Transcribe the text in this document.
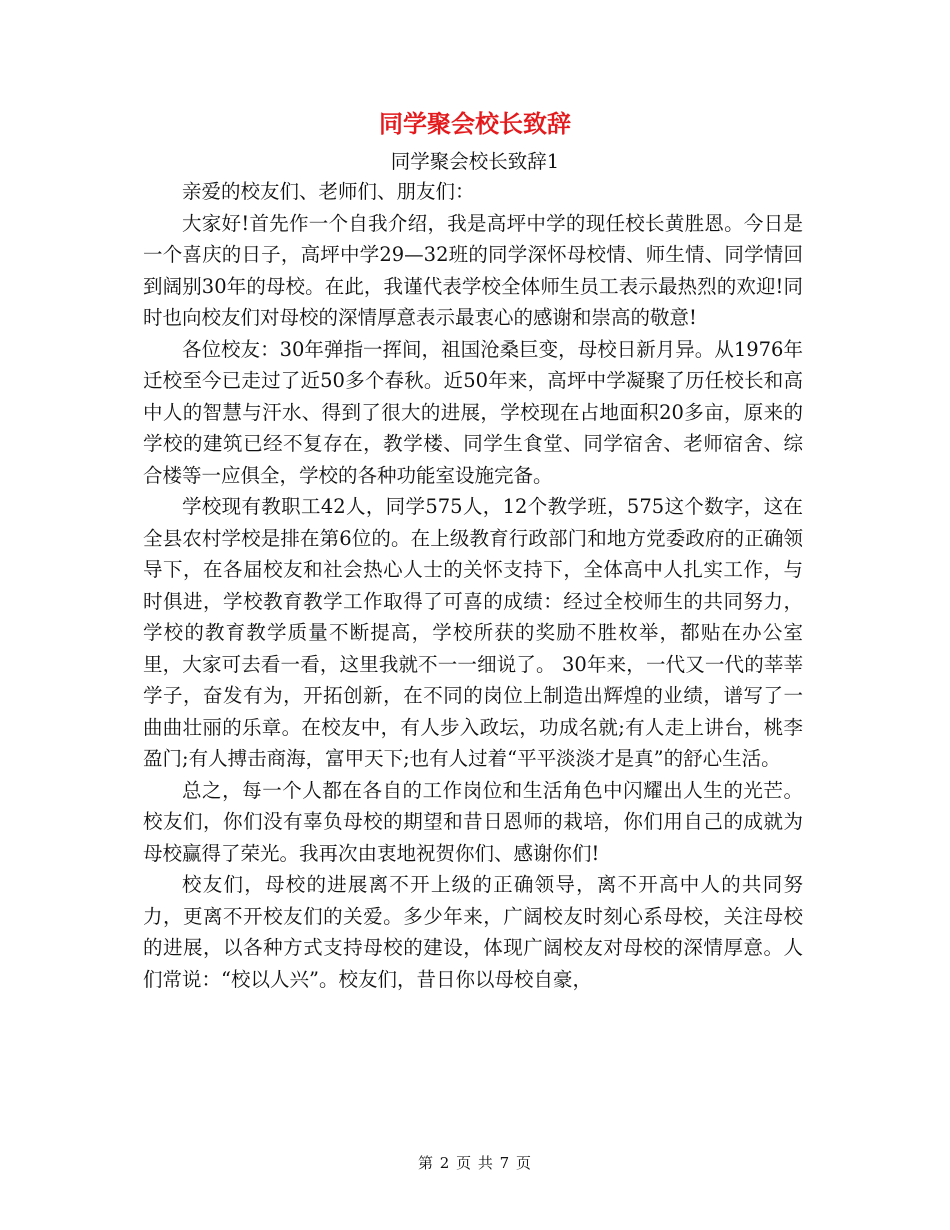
同学聚会校长致辞
同学聚会校长致辞1

亲爱的校友们、老师们、朋友们：

大家好!首先作一个自我介绍，我是高坪中学的现任校长黄胜恩。今日是一个喜庆的日子，高坪中学29—32班的同学深怀母校情、师生情、同学情回到阔别30年的母校。在此，我谨代表学校全体师生员工表示最热烈的欢迎!同时也向校友们对母校的深情厚意表示最衷心的感谢和崇高的敬意!

各位校友：30年弹指一挥间，祖国沧桑巨变，母校日新月异。从1976年迁校至今已走过了近50多个春秋。近50年来，高坪中学凝聚了历任校长和高中人的智慧与汗水、得到了很大的进展，学校现在占地面积20多亩，原来的学校的建筑已经不复存在，教学楼、同学生食堂、同学宿舍、老师宿舍、综合楼等一应俱全，学校的各种功能室设施完备。

学校现有教职工42人，同学575人，12个教学班，575这个数字，这在全县农村学校是排在第6位的。在上级教育行政部门和地方党委政府的正确领导下，在各届校友和社会热心人士的关怀支持下，全体高中人扎实工作，与时俱进，学校教育教学工作取得了可喜的成绩：经过全校师生的共同努力，学校的教育教学质量不断提高，学校所获的奖励不胜枚举，都贴在办公室里，大家可去看一看，这里我就不一一细说了。 30年来，一代又一代的莘莘学子，奋发有为，开拓创新，在不同的岗位上制造出辉煌的业绩，谱写了一曲曲壮丽的乐章。在校友中，有人步入政坛，功成名就;有人走上讲台，桃李盈门;有人搏击商海，富甲天下;也有人过着“平平淡淡才是真”的舒心生活。

总之，每一个人都在各自的工作岗位和生活角色中闪耀出人生的光芒。校友们，你们没有辜负母校的期望和昔日恩师的栽培，你们用自己的成就为母校赢得了荣光。我再次由衷地祝贺你们、感谢你们!

校友们，母校的进展离不开上级的正确领导，离不开高中人的共同努力，更离不开校友们的关爱。多少年来，广阔校友时刻心系母校，关注母校的进展，以各种方式支持母校的建设，体现广阔校友对母校的深情厚意。人们常说：“校以人兴”。校友们，昔日你以母校自豪，

第 2 页 共 7 页
